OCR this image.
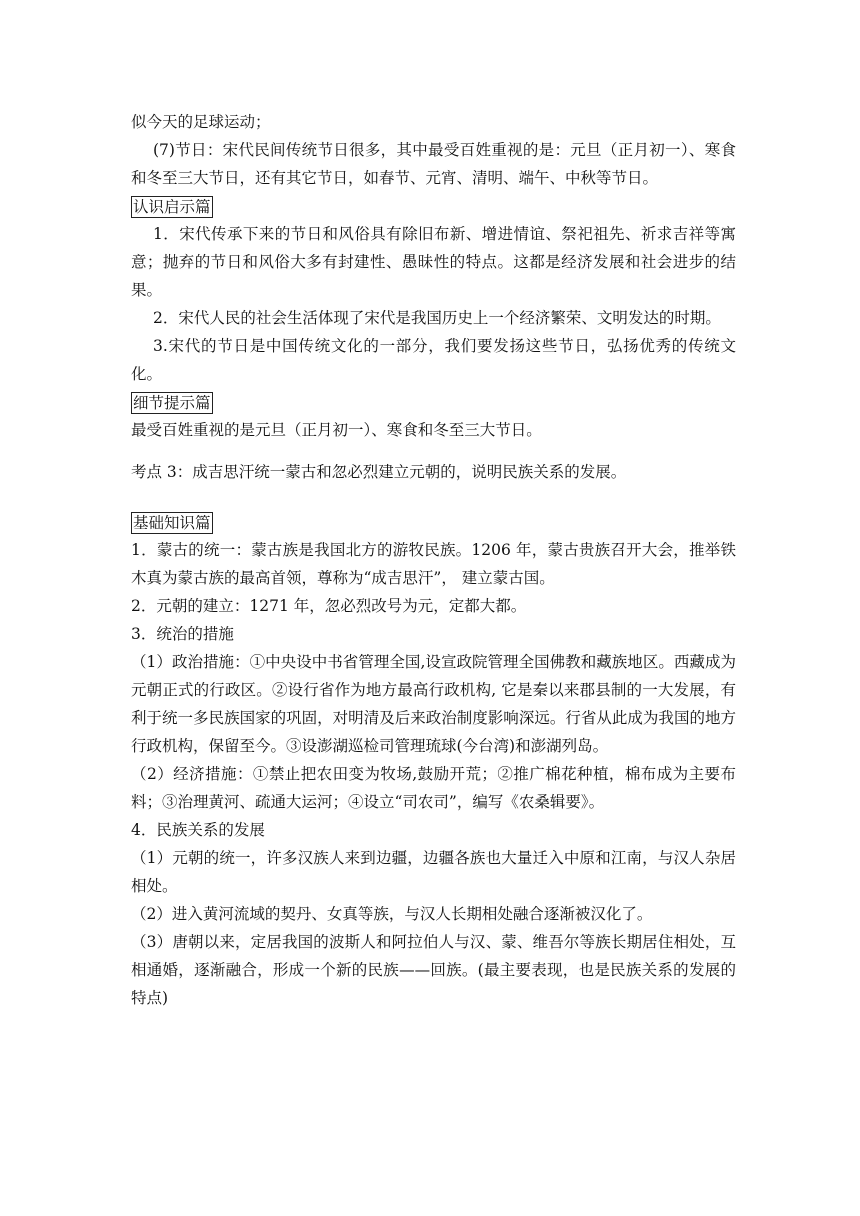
似今天的足球运动；

(7)节日：宋代民间传统节日很多，其中最受百姓重视的是：元旦（正月初一）、寒食和冬至三大节日，还有其它节日，如春节、元宵、清明、端午、中秋等节日。

认识启示篇

1．宋代传承下来的节日和风俗具有除旧布新、增进情谊、祭祀祖先、祈求吉祥等寓意；抛弃的节日和风俗大多有封建性、愚昧性的特点。这都是经济发展和社会进步的结果。

2．宋代人民的社会生活体现了宋代是我国历史上一个经济繁荣、文明发达的时期。

3.宋代的节日是中国传统文化的一部分，我们要发扬这些节日，弘扬优秀的传统文化。

细节提示篇

最受百姓重视的是元旦（正月初一）、寒食和冬至三大节日。

考点 3：成吉思汗统一蒙古和忽必烈建立元朝的，说明民族关系的发展。

基础知识篇

1．蒙古的统一：蒙古族是我国北方的游牧民族。1206 年，蒙古贵族召开大会，推举铁木真为蒙古族的最高首领，尊称为“成吉思汗”， 建立蒙古国。

2．元朝的建立：1271 年，忽必烈改号为元，定都大都。

3．统治的措施

（1）政治措施：①中央设中书省管理全国,设宣政院管理全国佛教和藏族地区。西藏成为元朝正式的行政区。②设行省作为地方最高行政机构, 它是秦以来郡县制的一大发展，有利于统一多民族国家的巩固，对明清及后来政治制度影响深远。行省从此成为我国的地方行政机构，保留至今。③设澎湖巡检司管理琉球(今台湾)和澎湖列岛。

（2）经济措施：①禁止把农田变为牧场,鼓励开荒；②推广棉花种植，棉布成为主要布料；③治理黄河、疏通大运河；④设立“司农司”，编写《农桑辑要》。

4．民族关系的发展

（1）元朝的统一，许多汉族人来到边疆，边疆各族也大量迁入中原和江南，与汉人杂居相处。

（2）进入黄河流域的契丹、女真等族，与汉人长期相处融合逐渐被汉化了。

（3）唐朝以来，定居我国的波斯人和阿拉伯人与汉、蒙、维吾尔等族长期居住相处，互相通婚，逐渐融合，形成一个新的民族——回族。(最主要表现，也是民族关系的发展的特点)
